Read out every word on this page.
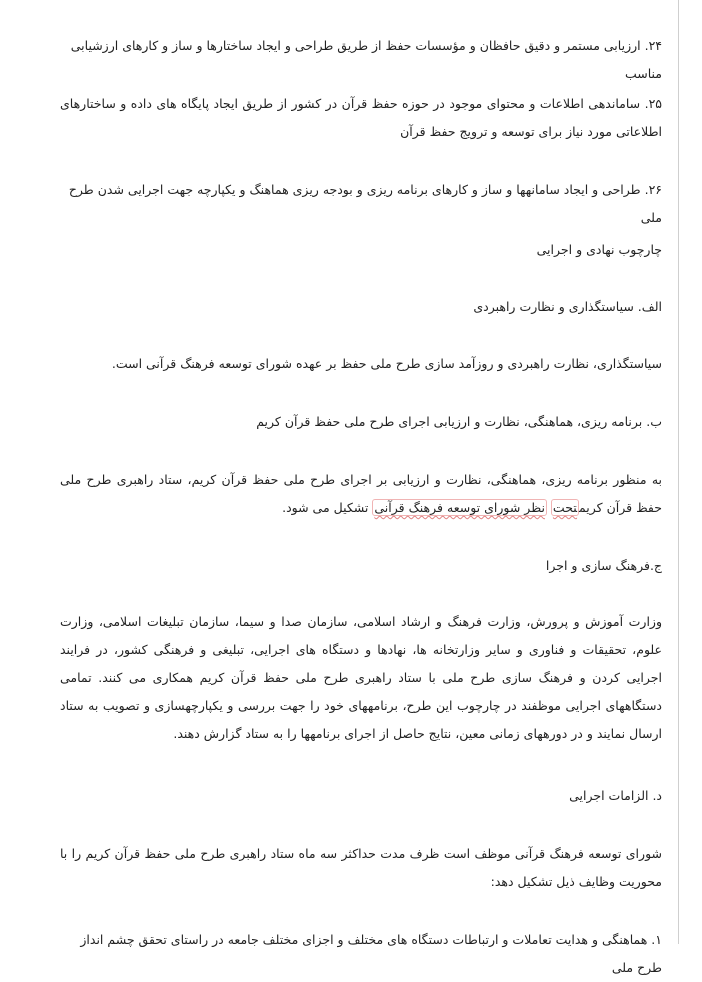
۲۴. ارزیابی مستمر و دقیق حافظان و مؤسسات حفظ از طریق طراحی و ایجاد ساختارها و ساز و کارهای ارزشیابی مناسب
۲۵. ساماندهی اطلاعات و محتوای موجود در حوزه حفظ قرآن در کشور از طریق ایجاد پایگاه های داده و ساختارهای اطلاعاتی مورد نیاز برای توسعه و ترویج حفظ قرآن
۲۶. طراحی و ایجاد سامانهها و ساز و کارهای برنامه ریزی و بودجه ریزی هماهنگ و یکپارچه جهت اجرایی شدن طرح ملی
چارچوب نهادی و اجرایی
الف. سیاستگذاری و نظارت راهبردی
سیاستگذاری، نظارت راهبردی و روزآمد سازی طرح ملی حفظ بر عهده شورای توسعه فرهنگ قرآنی است.
ب. برنامه ریزی، هماهنگی، نظارت و ارزیابی اجرای طرح ملی حفظ قرآن کریم
به منظور برنامه ریزی، هماهنگی، نظارت و ارزیابی بر اجرای طرح ملی حفظ قرآن کریم، ستاد راهبری طرح ملی حفظ قرآن کریمتحت نظر شورای توسعه فرهنگ قرآنی تشکیل می شود.
ج.فرهنگ سازی و اجرا
وزارت آموزش و پرورش، وزارت فرهنگ و ارشاد اسلامی، سازمان صدا و سیما، سازمان تبلیغات اسلامی، وزارت علوم، تحقیقات و فناوری و سایر وزارتخانه ها، نهادها و دستگاه های اجرایی، تبلیغی و فرهنگی کشور، در فرایند اجرایی کردن و فرهنگ سازی طرح ملی با ستاد راهبری طرح ملی حفظ قرآن کریم همکاری می کنند. تمامی دستگاههای اجرایی موظفند در چارچوب این طرح، برنامههای خود را جهت بررسی و یکپارچهسازی و تصویب به ستاد ارسال نمایند و در دورههای زمانی معین، نتایج حاصل از اجرای برنامهها را به ستاد گزارش دهند.
د. الزامات اجرایی
شورای توسعه فرهنگ قرآنی موظف است ظرف مدت حداکثر سه ماه ستاد راهبری طرح ملی حفظ قرآن کریم را با محوریت وظایف ذیل تشکیل دهد:
۱. هماهنگی و هدایت تعاملات و ارتباطات دستگاه های مختلف و اجزای مختلف جامعه در راستای تحقق چشم انداز طرح ملی
